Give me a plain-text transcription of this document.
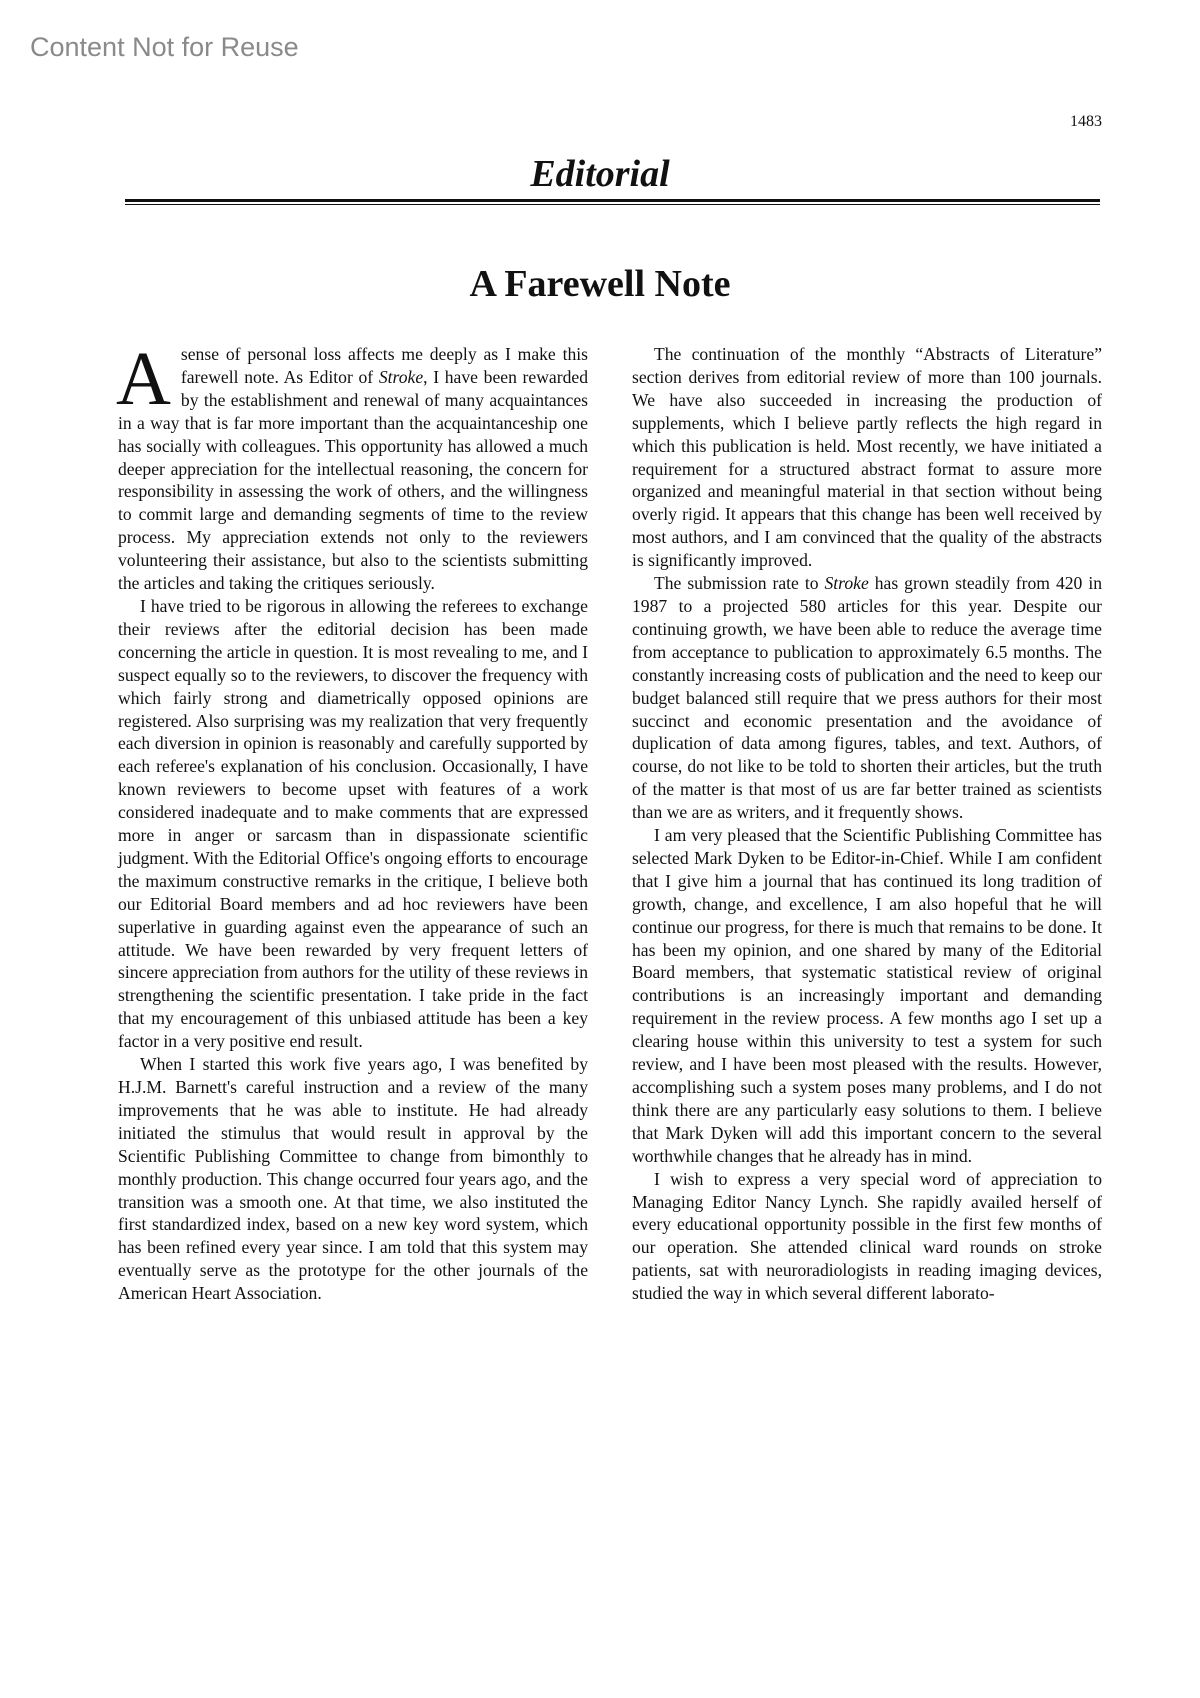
Content Not for Reuse
1483
Editorial
A Farewell Note

A sense of personal loss affects me deeply as I make this farewell note. As Editor of Stroke, I have been rewarded by the establishment and renewal of many acquaintances in a way that is far more important than the acquaintanceship one has socially with colleagues. This opportunity has allowed a much deeper appreciation for the intellectual reasoning, the concern for responsibility in assessing the work of others, and the willingness to commit large and demanding segments of time to the review process. My appreciation extends not only to the reviewers volunteering their assistance, but also to the scientists submitting the articles and taking the critiques seriously.

I have tried to be rigorous in allowing the referees to exchange their reviews after the editorial decision has been made concerning the article in question. It is most revealing to me, and I suspect equally so to the reviewers, to discover the frequency with which fairly strong and diametrically opposed opinions are registered. Also surprising was my realization that very frequently each diversion in opinion is reasonably and carefully supported by each referee's explanation of his conclusion. Occasionally, I have known reviewers to become upset with features of a work considered inadequate and to make comments that are expressed more in anger or sarcasm than in dispassionate scientific judgment. With the Editorial Office's ongoing efforts to encourage the maximum constructive remarks in the critique, I believe both our Editorial Board members and ad hoc reviewers have been superlative in guarding against even the appearance of such an attitude. We have been rewarded by very frequent letters of sincere appreciation from authors for the utility of these reviews in strengthening the scientific presentation. I take pride in the fact that my encouragement of this unbiased attitude has been a key factor in a very positive end result.

When I started this work five years ago, I was benefited by H.J.M. Barnett's careful instruction and a review of the many improvements that he was able to institute. He had already initiated the stimulus that would result in approval by the Scientific Publishing Committee to change from bimonthly to monthly production. This change occurred four years ago, and the transition was a smooth one. At that time, we also instituted the first standardized index, based on a new key word system, which has been refined every year since. I am told that this system may eventually serve as the prototype for the other journals of the American Heart Association.

The continuation of the monthly “Abstracts of Literature” section derives from editorial review of more than 100 journals. We have also succeeded in increasing the production of supplements, which I believe partly reflects the high regard in which this publication is held. Most recently, we have initiated a requirement for a structured abstract format to assure more organized and meaningful material in that section without being overly rigid. It appears that this change has been well received by most authors, and I am convinced that the quality of the abstracts is significantly improved.

The submission rate to Stroke has grown steadily from 420 in 1987 to a projected 580 articles for this year. Despite our continuing growth, we have been able to reduce the average time from acceptance to publication to approximately 6.5 months. The constantly increasing costs of publication and the need to keep our budget balanced still require that we press authors for their most succinct and economic presentation and the avoidance of duplication of data among figures, tables, and text. Authors, of course, do not like to be told to shorten their articles, but the truth of the matter is that most of us are far better trained as scientists than we are as writers, and it frequently shows.

I am very pleased that the Scientific Publishing Committee has selected Mark Dyken to be Editor-in-Chief. While I am confident that I give him a journal that has continued its long tradition of growth, change, and excellence, I am also hopeful that he will continue our progress, for there is much that remains to be done. It has been my opinion, and one shared by many of the Editorial Board members, that systematic statistical review of original contributions is an increasingly important and demanding requirement in the review process. A few months ago I set up a clearing house within this university to test a system for such review, and I have been most pleased with the results. However, accomplishing such a system poses many problems, and I do not think there are any particularly easy solutions to them. I believe that Mark Dyken will add this important concern to the several worthwhile changes that he already has in mind.

I wish to express a very special word of appreciation to Managing Editor Nancy Lynch. She rapidly availed herself of every educational opportunity possible in the first few months of our operation. She attended clinical ward rounds on stroke patients, sat with neuroradiologists in reading imaging devices, studied the way in which several different laborato-
